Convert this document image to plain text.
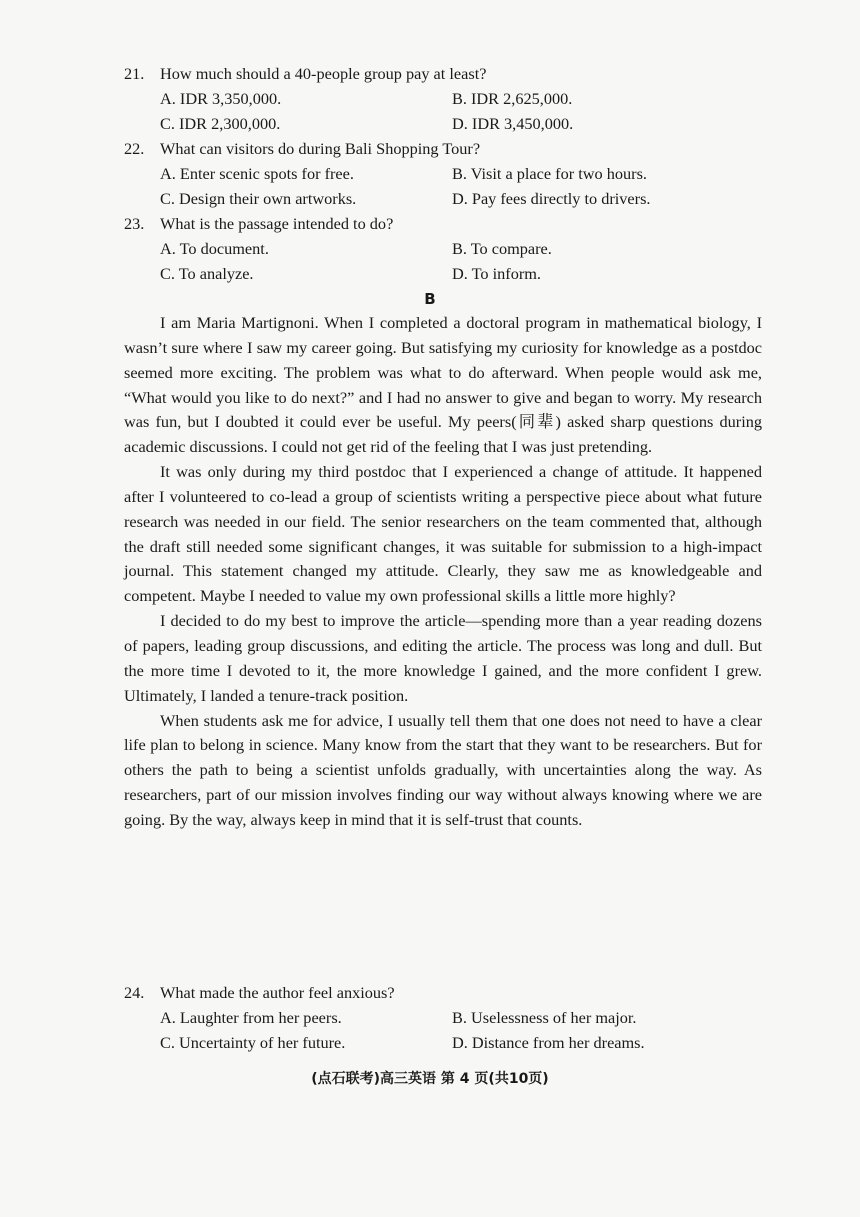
21. How much should a 40-people group pay at least?
A. IDR 3,350,000.	B. IDR 2,625,000.
C. IDR 2,300,000.	D. IDR 3,450,000.
22. What can visitors do during Bali Shopping Tour?
A. Enter scenic spots for free.	B. Visit a place for two hours.
C. Design their own artworks.	D. Pay fees directly to drivers.
23. What is the passage intended to do?
A. To document.	B. To compare.
C. To analyze.	D. To inform.
B

I am Maria Martignoni. When I completed a doctoral program in mathematical biology, I wasn’t sure where I saw my career going. But satisfying my curiosity for knowledge as a postdoc seemed more exciting. The problem was what to do afterward. When people would ask me, “What would you like to do next?” and I had no answer to give and began to worry. My research was fun, but I doubted it could ever be useful. My peers(同辈) asked sharp questions during academic discussions. I could not get rid of the feeling that I was just pretending.

It was only during my third postdoc that I experienced a change of attitude. It happened after I volunteered to co-lead a group of scientists writing a perspective piece about what future research was needed in our field. The senior researchers on the team commented that, although the draft still needed some significant changes, it was suitable for submission to a high-impact journal. This statement changed my attitude. Clearly, they saw me as knowledgeable and competent. Maybe I needed to value my own professional skills a little more highly?

I decided to do my best to improve the article—spending more than a year reading dozens of papers, leading group discussions, and editing the article. The process was long and dull. But the more time I devoted to it, the more knowledge I gained, and the more confident I grew. Ultimately, I landed a tenure-track position.

When students ask me for advice, I usually tell them that one does not need to have a clear life plan to belong in science. Many know from the start that they want to be researchers. But for others the path to being a scientist unfolds gradually, with uncertainties along the way. As researchers, part of our mission involves finding our way without always knowing where we are going. By the way, always keep in mind that it is self-trust that counts.

24. What made the author feel anxious?
A. Laughter from her peers.	B. Uselessness of her major.
C. Uncertainty of her future.	D. Distance from her dreams.
(点石联考)高三英语 第 4 页(共10页)
